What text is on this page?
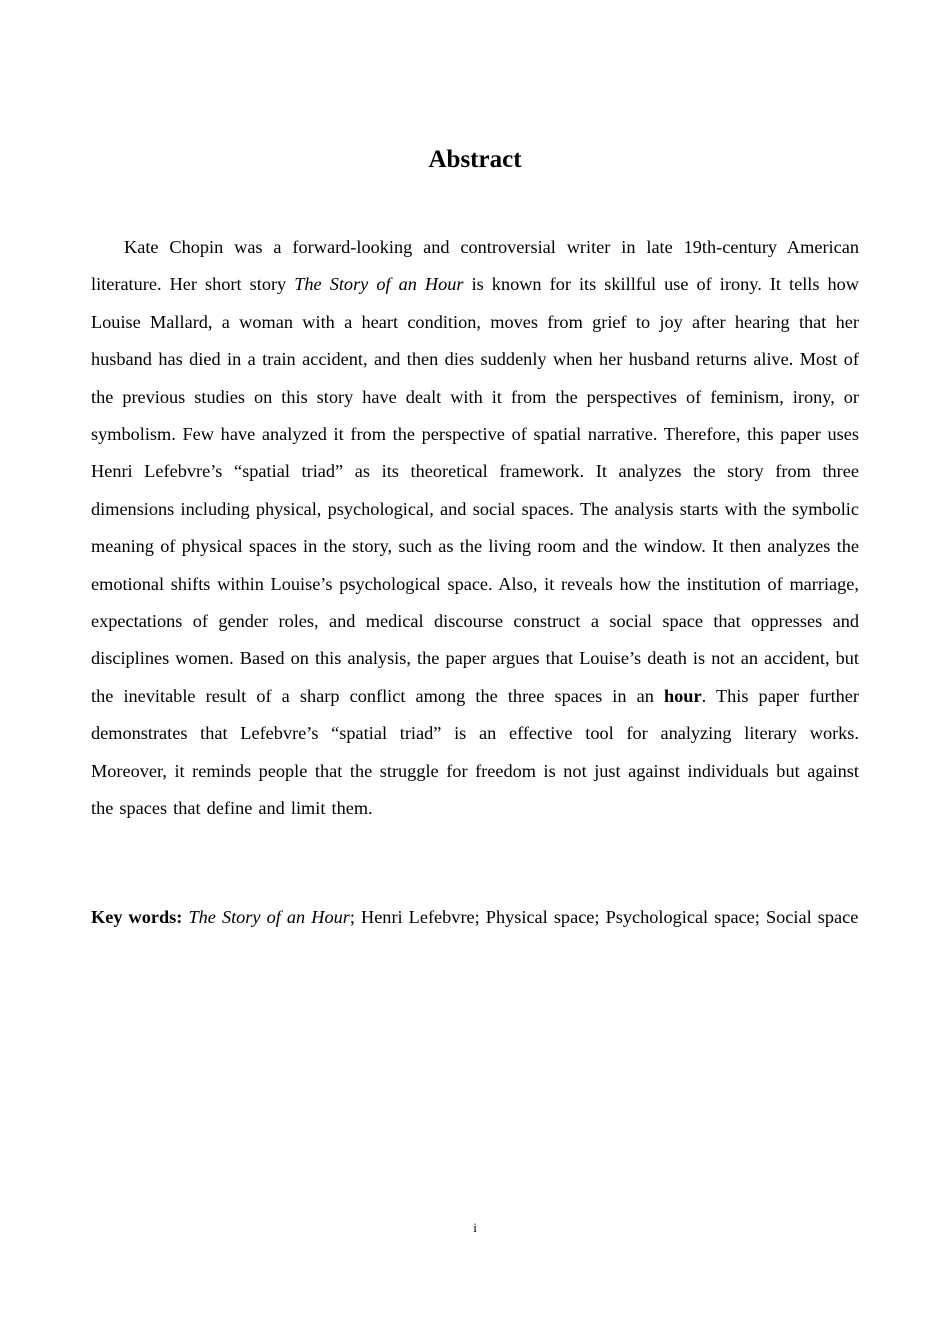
Abstract
Kate Chopin was a forward-looking and controversial writer in late 19th-century American literature. Her short story The Story of an Hour is known for its skillful use of irony. It tells how Louise Mallard, a woman with a heart condition, moves from grief to joy after hearing that her husband has died in a train accident, and then dies suddenly when her husband returns alive. Most of the previous studies on this story have dealt with it from the perspectives of feminism, irony, or symbolism. Few have analyzed it from the perspective of spatial narrative. Therefore, this paper uses Henri Lefebvre’s “spatial triad” as its theoretical framework. It analyzes the story from three dimensions including physical, psychological, and social spaces. The analysis starts with the symbolic meaning of physical spaces in the story, such as the living room and the window. It then analyzes the emotional shifts within Louise’s psychological space. Also, it reveals how the institution of marriage, expectations of gender roles, and medical discourse construct a social space that oppresses and disciplines women. Based on this analysis, the paper argues that Louise’s death is not an accident, but the inevitable result of a sharp conflict among the three spaces in an hour. This paper further demonstrates that Lefebvre’s “spatial triad” is an effective tool for analyzing literary works. Moreover, it reminds people that the struggle for freedom is not just against individuals but against the spaces that define and limit them.
Key words: The Story of an Hour; Henri Lefebvre; Physical space; Psychological space; Social space
i
